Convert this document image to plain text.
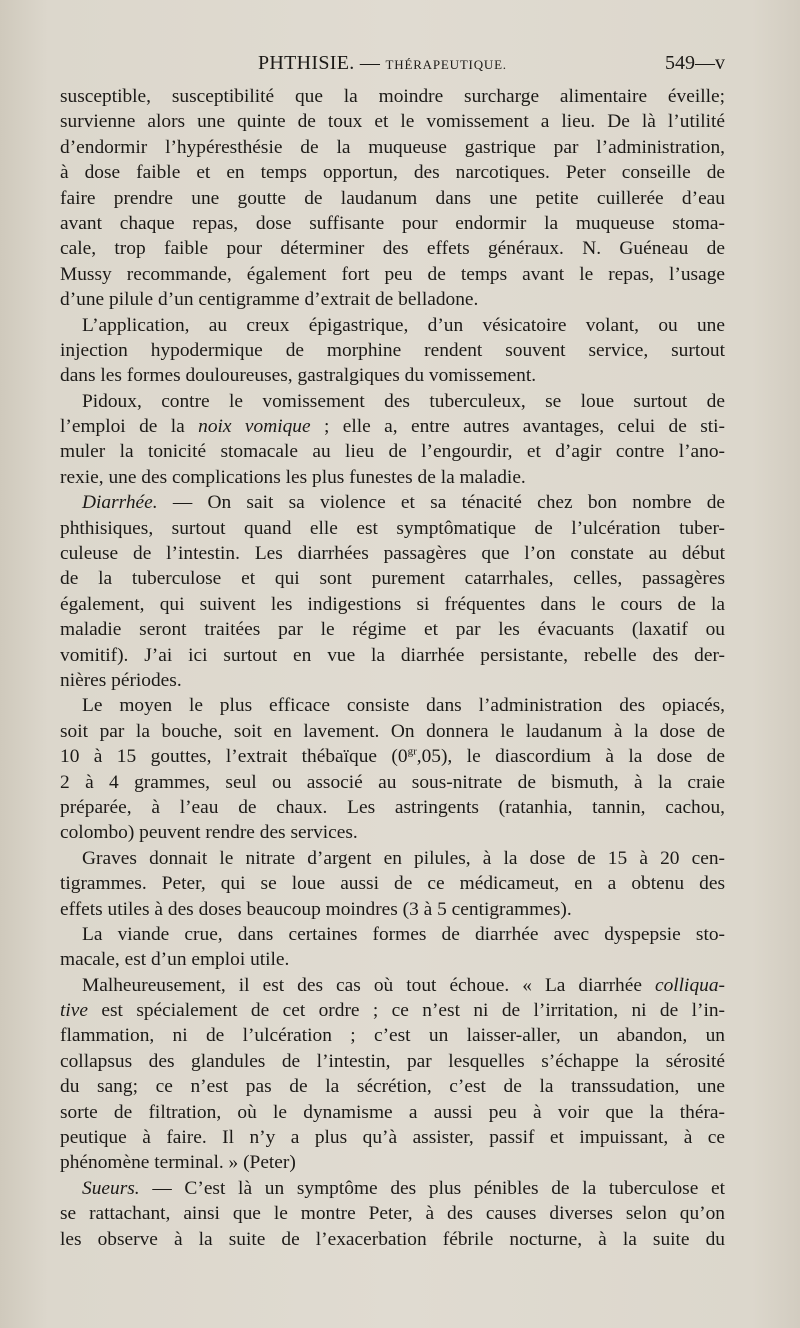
PHTHISIE. — THÉRAPEUTIQUE.	549—v
susceptible, susceptibilité que la moindre surcharge alimentaire éveille;
survienne alors une quinte de toux et le vomissement a lieu. De là l’utilité
d’endormir l’hypéresthésie de la muqueuse gastrique par l’administration,
à dose faible et en temps opportun, des narcotiques. Peter conseille de
faire prendre une goutte de laudanum dans une petite cuillerée d’eau
avant chaque repas, dose suffisante pour endormir la muqueuse stoma-
cale, trop faible pour déterminer des effets généraux. N. Guéneau de
Mussy recommande, également fort peu de temps avant le repas, l’usage
d’une pilule d’un centigramme d’extrait de belladone.
L’application, au creux épigastrique, d’un vésicatoire volant, ou une
injection hypodermique de morphine rendent souvent service, surtout
dans les formes douloureuses, gastralgiques du vomissement.
Pidoux, contre le vomissement des tuberculeux, se loue surtout de
l’emploi de la noix vomique ; elle a, entre autres avantages, celui de sti-
muler la tonicité stomacale au lieu de l’engourdir, et d’agir contre l’ano-
rexie, une des complications les plus funestes de la maladie.
Diarrhée. — On sait sa violence et sa ténacité chez bon nombre de
phthisiques, surtout quand elle est symptômatique de l’ulcération tuber-
culeuse de l’intestin. Les diarrhées passagères que l’on constate au début
de la tuberculose et qui sont purement catarrhales, celles, passagères
également, qui suivent les indigestions si fréquentes dans le cours de la
maladie seront traitées par le régime et par les évacuants (laxatif ou
vomitif). J’ai ici surtout en vue la diarrhée persistante, rebelle des der-
nières périodes.
Le moyen le plus efficace consiste dans l’administration des opiacés,
soit par la bouche, soit en lavement. On donnera le laudanum à la dose de
10 à 15 gouttes, l’extrait thébaïque $(0^{gr},05)$, le diascordium à la dose de
2 à 4 grammes, seul ou associé au sous-nitrate de bismuth, à la craie
préparée, à l’eau de chaux. Les astringents (ratanhia, tannin, cachou,
colombo) peuvent rendre des services.
Graves donnait le nitrate d’argent en pilules, à la dose de 15 à 20 cen-
tigrammes. Peter, qui se loue aussi de ce médicameut, en a obtenu des
effets utiles à des doses beaucoup moindres (3 à 5 centigrammes).
La viande crue, dans certaines formes de diarrhée avec dyspepsie sto-
macale, est d’un emploi utile.
Malheureusement, il est des cas où tout échoue. « La diarrhée colliqua-
tive est spécialement de cet ordre ; ce n’est ni de l’irritation, ni de l’in-
flammation, ni de l’ulcération ; c’est un laisser-aller, un abandon, un
collapsus des glandules de l’intestin, par lesquelles s’échappe la sérosité
du sang; ce n’est pas de la sécrétion, c’est de la transsudation, une
sorte de filtration, où le dynamisme a aussi peu à voir que la théra-
peutique à faire. Il n’y a plus qu’à assister, passif et impuissant, à ce
phénomène terminal. » (Peter)
Sueurs. — C’est là un symptôme des plus pénibles de la tuberculose et
se rattachant, ainsi que le montre Peter, à des causes diverses selon qu’on
les observe à la suite de l’exacerbation fébrile nocturne, à la suite du
